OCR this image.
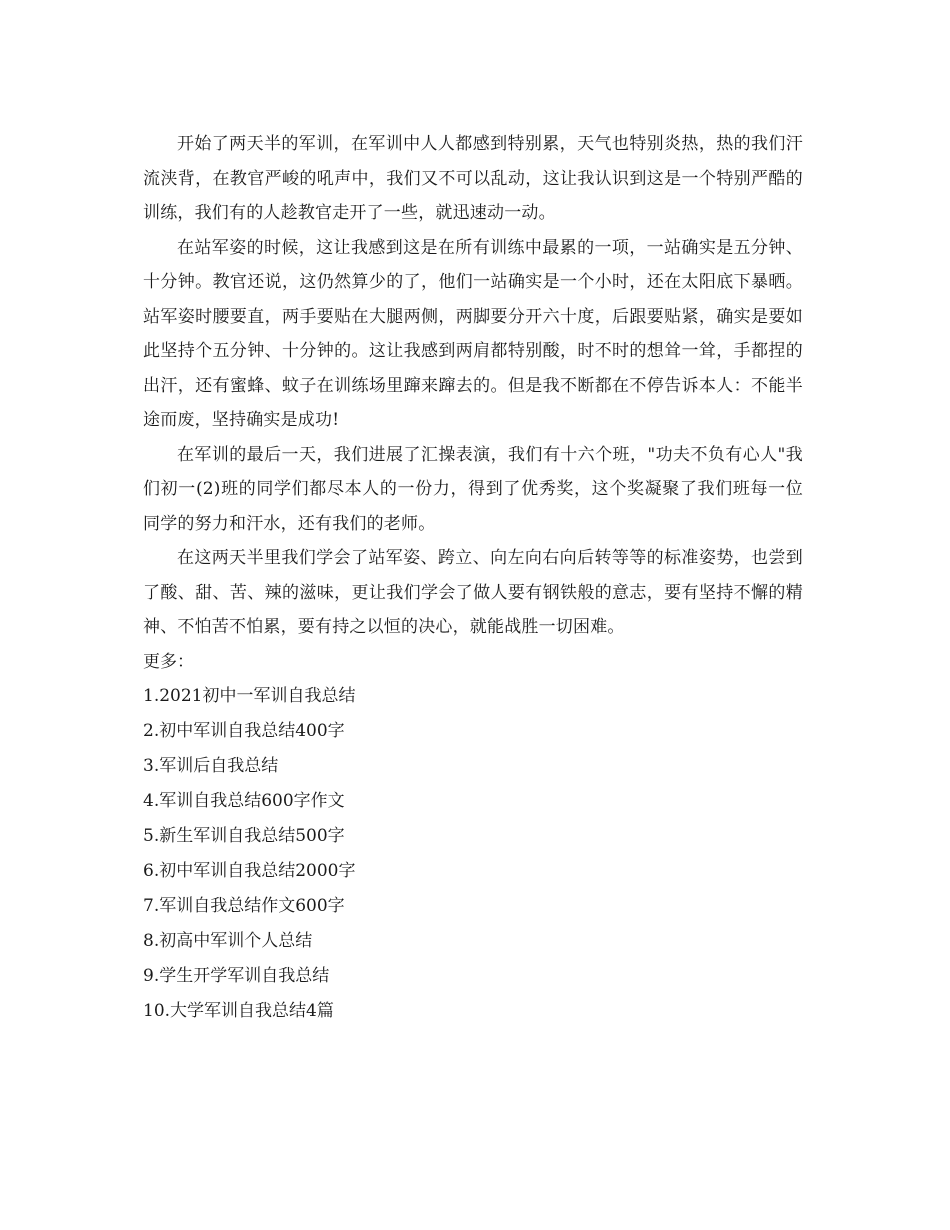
开始了两天半的军训，在军训中人人都感到特别累，天气也特别炎热，热的我们汗流浃背，在教官严峻的吼声中，我们又不可以乱动，这让我认识到这是一个特别严酷的训练，我们有的人趁教官走开了一些，就迅速动一动。

在站军姿的时候，这让我感到这是在所有训练中最累的一项，一站确实是五分钟、十分钟。教官还说，这仍然算少的了，他们一站确实是一个小时，还在太阳底下暴晒。站军姿时腰要直，两手要贴在大腿两侧，两脚要分开六十度，后跟要贴紧，确实是要如此坚持个五分钟、十分钟的。这让我感到两肩都特别酸，时不时的想耸一耸，手都捏的出汗，还有蜜蜂、蚊子在训练场里蹿来蹿去的。但是我不断都在不停告诉本人：不能半途而废，坚持确实是成功!

在军训的最后一天，我们进展了汇操表演，我们有十六个班，"功夫不负有心人"我们初一(2)班的同学们都尽本人的一份力，得到了优秀奖，这个奖凝聚了我们班每一位同学的努力和汗水，还有我们的老师。

在这两天半里我们学会了站军姿、跨立、向左向右向后转等等的标准姿势，也尝到了酸、甜、苦、辣的滋味，更让我们学会了做人要有钢铁般的意志，要有坚持不懈的精神、不怕苦不怕累，要有持之以恒的决心，就能战胜一切困难。

更多：

1.2021初中一军训自我总结
2.初中军训自我总结400字
3.军训后自我总结
4.军训自我总结600字作文
5.新生军训自我总结500字
6.初中军训自我总结2000字
7.军训自我总结作文600字
8.初高中军训个人总结
9.学生开学军训自我总结
10.大学军训自我总结4篇
